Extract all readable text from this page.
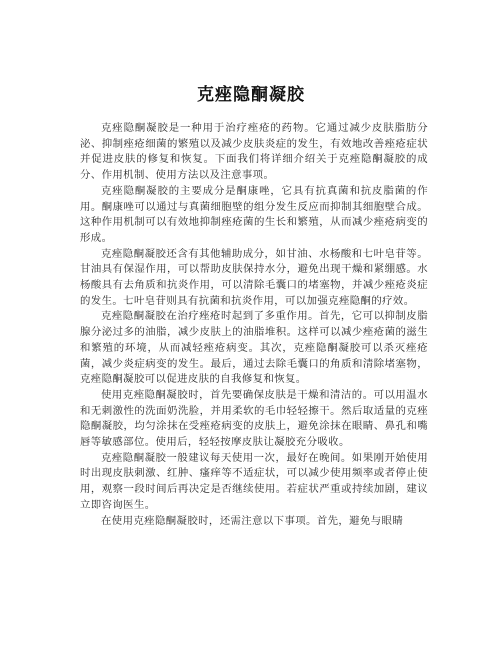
克痤隐酮凝胶

克痤隐酮凝胶是一种用于治疗痤疮的药物。它通过减少皮肤脂肪分泌、抑制痤疮细菌的繁殖以及减少皮肤炎症的发生，有效地改善痤疮症状并促进皮肤的修复和恢复。下面我们将详细介绍关于克痤隐酮凝胶的成分、作用机制、使用方法以及注意事项。

克痤隐酮凝胶的主要成分是酮康唑，它具有抗真菌和抗皮脂菌的作用。酮康唑可以通过与真菌细胞壁的组分发生反应而抑制其细胞壁合成。这种作用机制可以有效地抑制痤疮菌的生长和繁殖，从而减少痤疮病变的形成。

克痤隐酮凝胶还含有其他辅助成分，如甘油、水杨酸和七叶皂苷等。甘油具有保湿作用，可以帮助皮肤保持水分，避免出现干燥和紧绷感。水杨酸具有去角质和抗炎作用，可以清除毛囊口的堵塞物，并减少痤疮炎症的发生。七叶皂苷则具有抗菌和抗炎作用，可以加强克痤隐酮的疗效。

克痤隐酮凝胶在治疗痤疮时起到了多重作用。首先，它可以抑制皮脂腺分泌过多的油脂，减少皮肤上的油脂堆积。这样可以减少痤疮菌的滋生和繁殖的环境，从而减轻痤疮病变。其次，克痤隐酮凝胶可以杀灭痤疮菌，减少炎症病变的发生。最后，通过去除毛囊口的角质和清除堵塞物，克痤隐酮凝胶可以促进皮肤的自我修复和恢复。

使用克痤隐酮凝胶时，首先要确保皮肤是干燥和清洁的。可以用温水和无刺激性的洗面奶洗脸，并用柔软的毛巾轻轻擦干。然后取适量的克痤隐酮凝胶，均匀涂抹在受痤疮病变的皮肤上，避免涂抹在眼睛、鼻孔和嘴唇等敏感部位。使用后，轻轻按摩皮肤让凝胶充分吸收。

克痤隐酮凝胶一般建议每天使用一次，最好在晚间。如果刚开始使用时出现皮肤刺激、红肿、瘙痒等不适症状，可以减少使用频率或者停止使用，观察一段时间后再决定是否继续使用。若症状严重或持续加剧，建议立即咨询医生。

在使用克痤隐酮凝胶时，还需注意以下事项。首先，避免与眼睛
